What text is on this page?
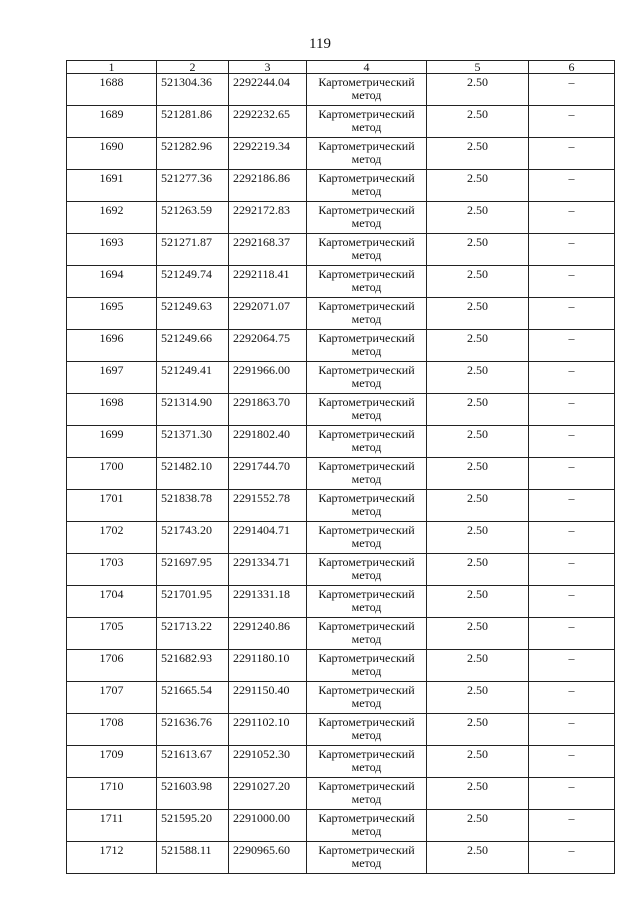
119
1	2	3	4	5	6
1688	521304.36	2292244.04	Картометрический метод	2.50	–
1689	521281.86	2292232.65	Картометрический метод	2.50	–
1690	521282.96	2292219.34	Картометрический метод	2.50	–
1691	521277.36	2292186.86	Картометрический метод	2.50	–
1692	521263.59	2292172.83	Картометрический метод	2.50	–
1693	521271.87	2292168.37	Картометрический метод	2.50	–
1694	521249.74	2292118.41	Картометрический метод	2.50	–
1695	521249.63	2292071.07	Картометрический метод	2.50	–
1696	521249.66	2292064.75	Картометрический метод	2.50	–
1697	521249.41	2291966.00	Картометрический метод	2.50	–
1698	521314.90	2291863.70	Картометрический метод	2.50	–
1699	521371.30	2291802.40	Картометрический метод	2.50	–
1700	521482.10	2291744.70	Картометрический метод	2.50	–
1701	521838.78	2291552.78	Картометрический метод	2.50	–
1702	521743.20	2291404.71	Картометрический метод	2.50	–
1703	521697.95	2291334.71	Картометрический метод	2.50	–
1704	521701.95	2291331.18	Картометрический метод	2.50	–
1705	521713.22	2291240.86	Картометрический метод	2.50	–
1706	521682.93	2291180.10	Картометрический метод	2.50	–
1707	521665.54	2291150.40	Картометрический метод	2.50	–
1708	521636.76	2291102.10	Картометрический метод	2.50	–
1709	521613.67	2291052.30	Картометрический метод	2.50	–
1710	521603.98	2291027.20	Картометрический метод	2.50	–
1711	521595.20	2291000.00	Картометрический метод	2.50	–
1712	521588.11	2290965.60	Картометрический метод	2.50	–
